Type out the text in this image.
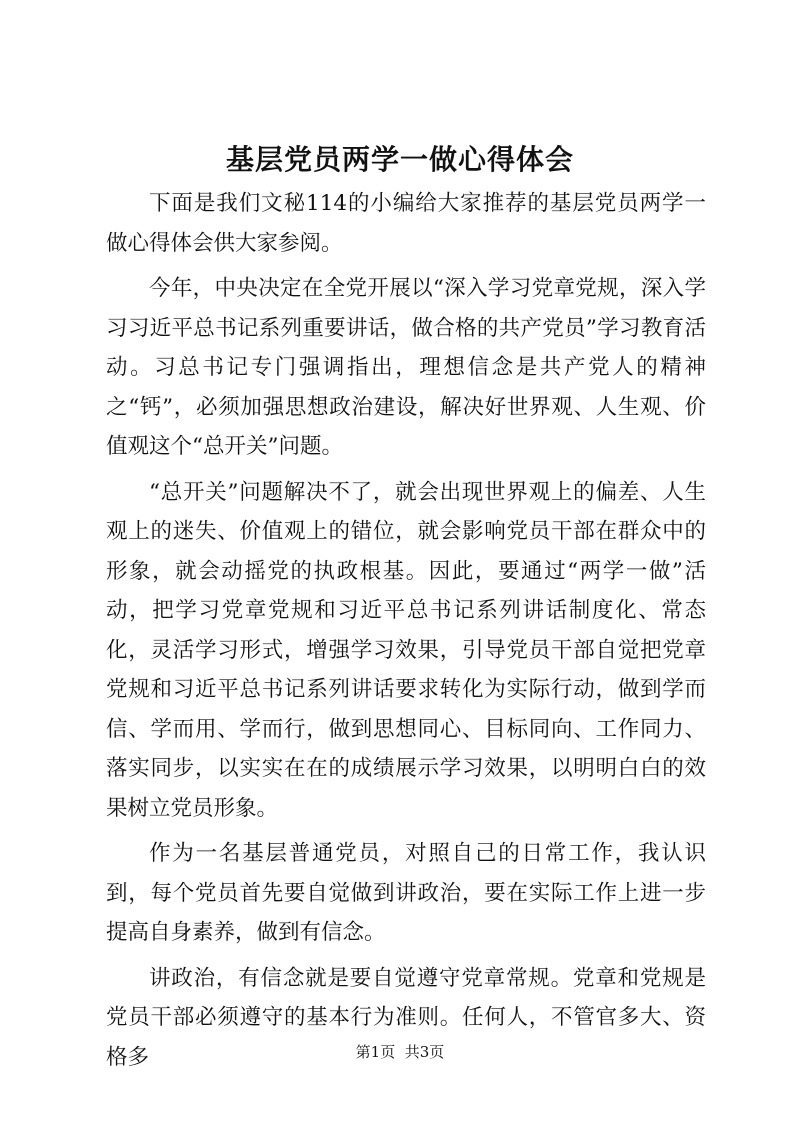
基层党员两学一做心得体会

下面是我们文秘114的小编给大家推荐的基层党员两学一做心得体会供大家参阅。

今年，中央决定在全党开展以“深入学习党章党规，深入学习习近平总书记系列重要讲话，做合格的共产党员”学习教育活动。习总书记专门强调指出，理想信念是共产党人的精神之“钙”，必须加强思想政治建设，解决好世界观、人生观、价值观这个“总开关”问题。

“总开关”问题解决不了，就会出现世界观上的偏差、人生观上的迷失、价值观上的错位，就会影响党员干部在群众中的形象，就会动摇党的执政根基。因此，要通过“两学一做”活动，把学习党章党规和习近平总书记系列讲话制度化、常态化，灵活学习形式，增强学习效果，引导党员干部自觉把党章党规和习近平总书记系列讲话要求转化为实际行动，做到学而信、学而用、学而行，做到思想同心、目标同向、工作同力、落实同步，以实实在在的成绩展示学习效果，以明明白白的效果树立党员形象。

作为一名基层普通党员，对照自己的日常工作，我认识到，每个党员首先要自觉做到讲政治，要在实际工作上进一步提高自身素养，做到有信念。

讲政治，有信念就是要自觉遵守党章常规。党章和党规是党员干部必须遵守的基本行为准则。任何人，不管官多大、资格多	第1页 共3页
